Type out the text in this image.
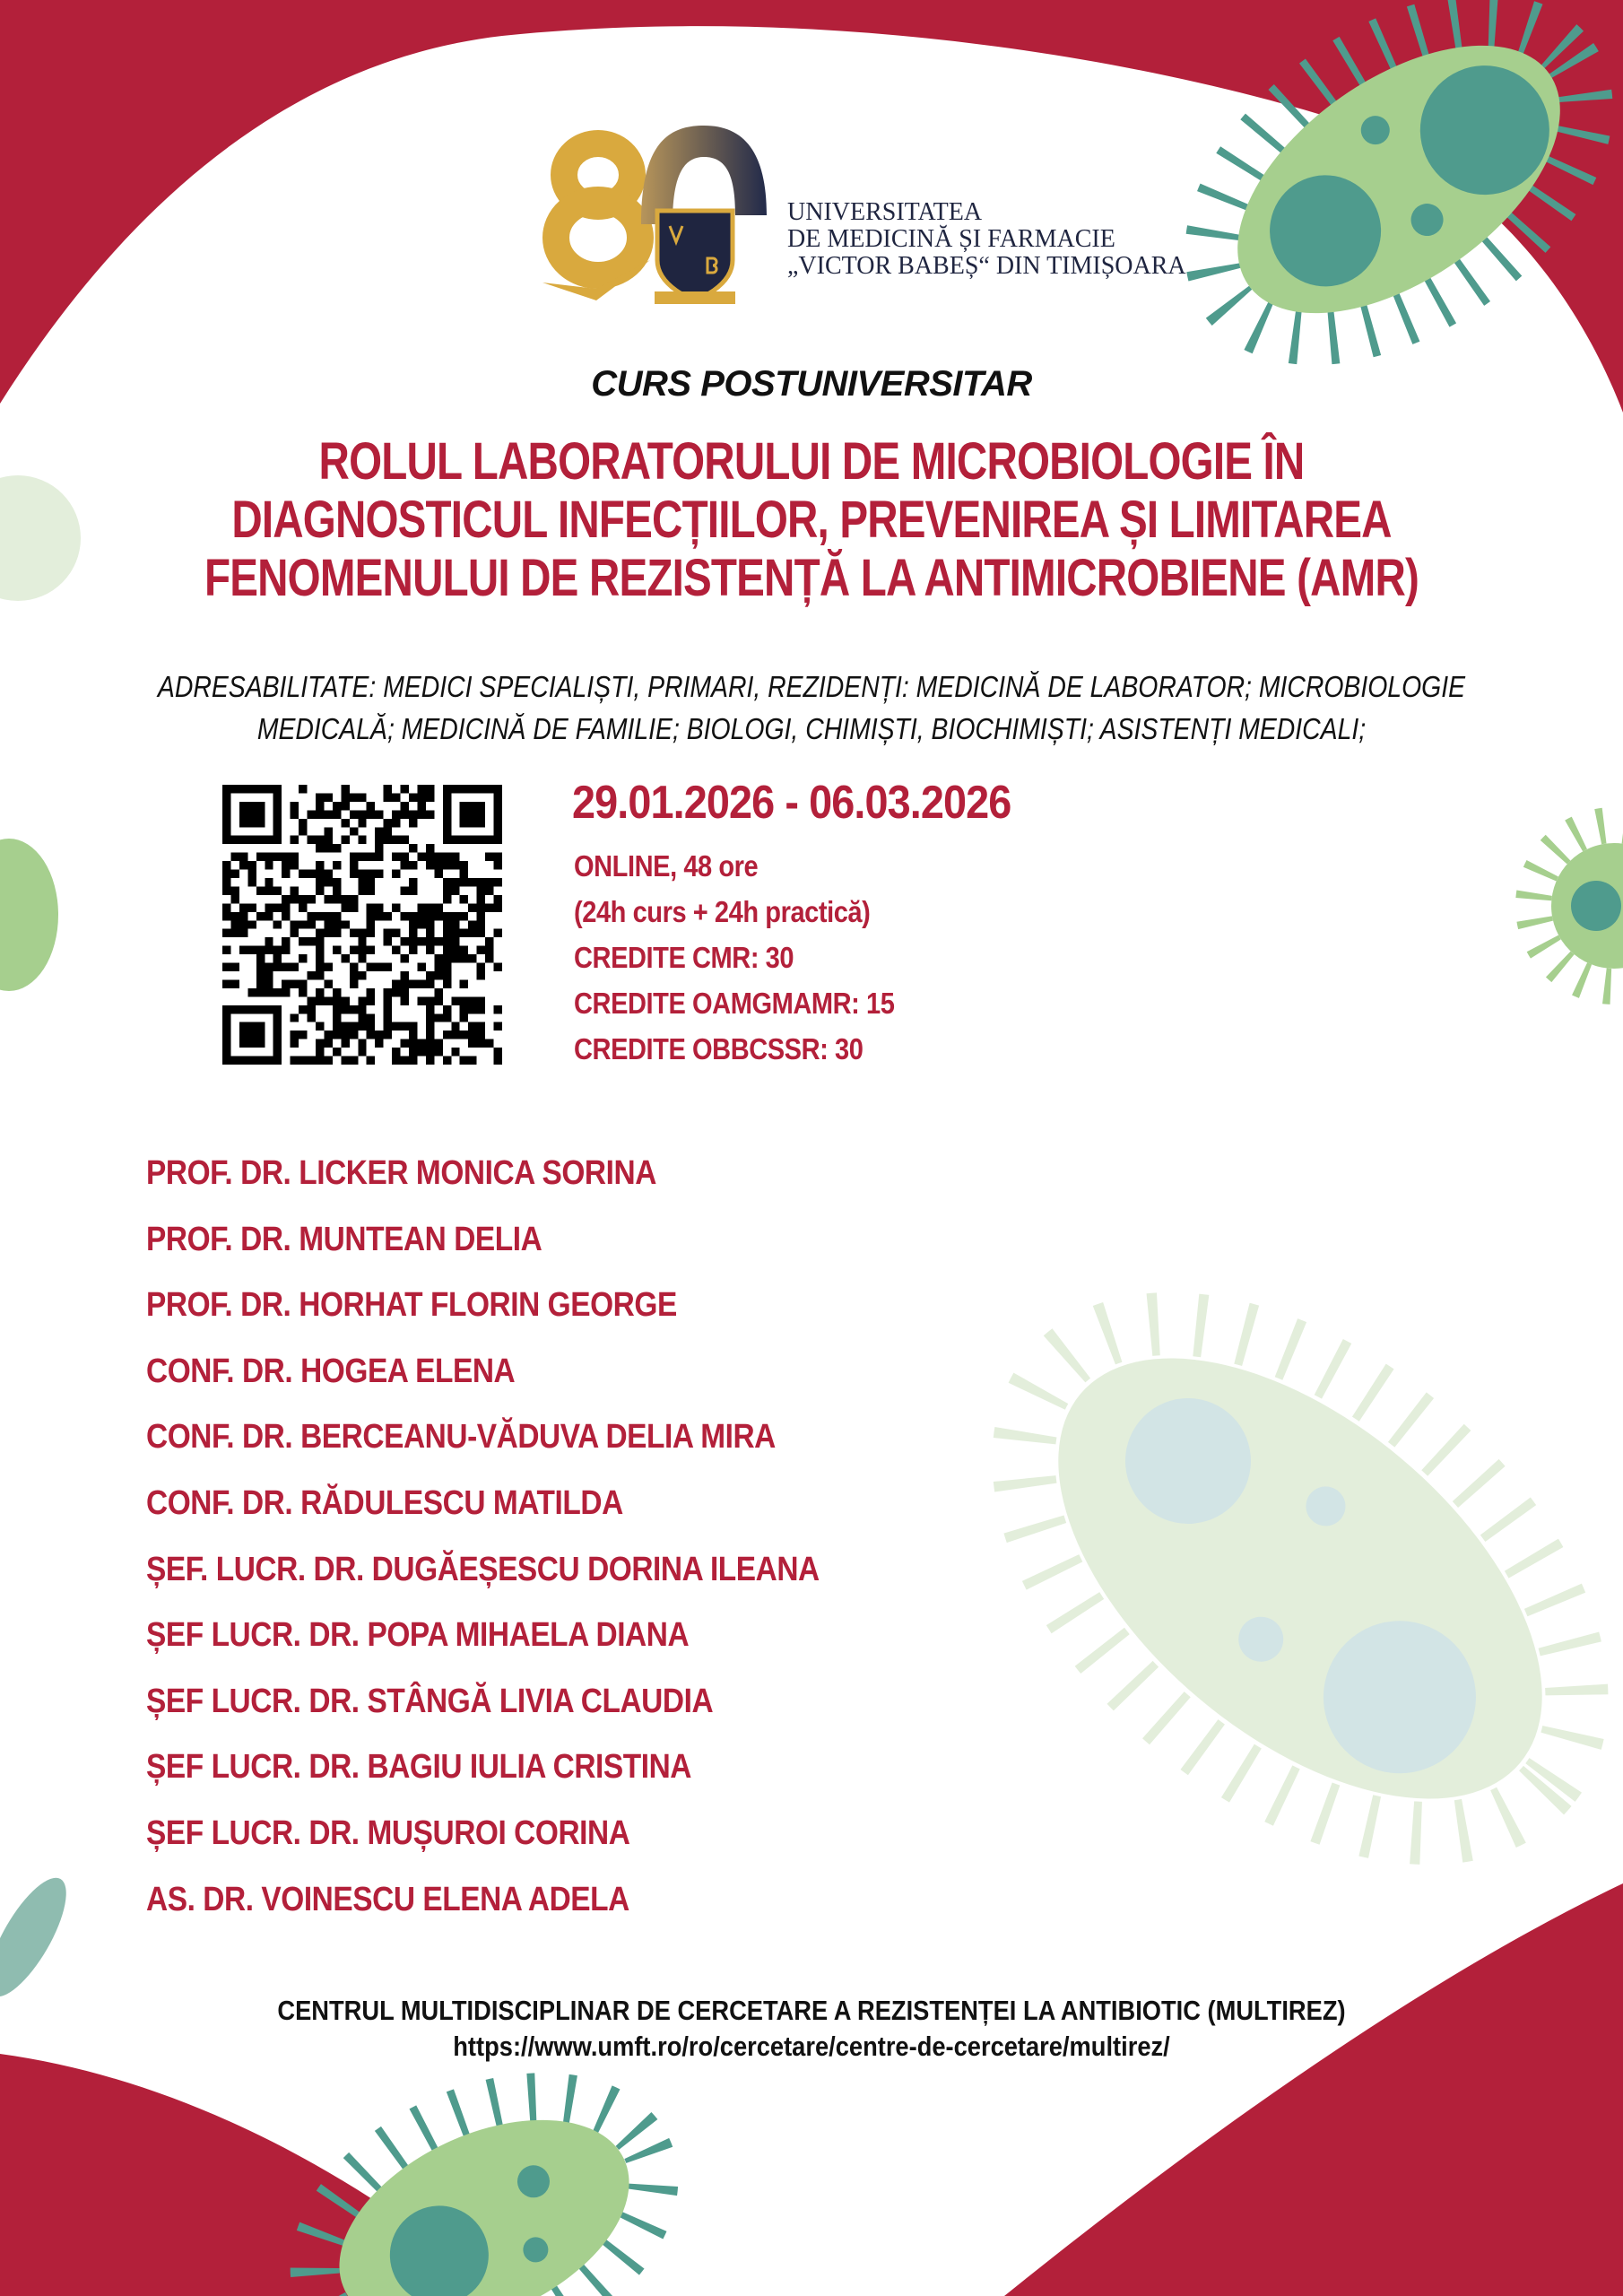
UNIVERSITATEA
DE MEDICINĂ ȘI FARMACIE
„VICTOR BABEȘ“ DIN TIMIȘOARA
CURS POSTUNIVERSITAR
ROLUL LABORATORULUI DE MICROBIOLOGIE ÎN
DIAGNOSTICUL INFECȚIILOR, PREVENIREA ȘI LIMITAREA
FENOMENULUI DE REZISTENȚĂ LA ANTIMICROBIENE (AMR)
ADRESABILITATE: MEDICI SPECIALIȘTI, PRIMARI, REZIDENȚI: MEDICINĂ DE LABORATOR; MICROBIOLOGIE
MEDICALĂ; MEDICINĂ DE FAMILIE; BIOLOGI, CHIMIȘTI, BIOCHIMIȘTI; ASISTENȚI MEDICALI;
29.01.2026 - 06.03.2026
ONLINE, 48 ore
(24h curs + 24h practică)
CREDITE CMR: 30
CREDITE OAMGMAMR: 15
CREDITE OBBCSSR: 30
PROF. DR. LICKER MONICA SORINA
PROF. DR. MUNTEAN DELIA
PROF. DR. HORHAT FLORIN GEORGE
CONF. DR. HOGEA ELENA
CONF. DR. BERCEANU-VĂDUVA DELIA MIRA
CONF. DR. RĂDULESCU MATILDA
ȘEF. LUCR. DR. DUGĂEȘESCU DORINA ILEANA
ȘEF LUCR. DR. POPA MIHAELA DIANA
ȘEF LUCR. DR. STÂNGĂ LIVIA CLAUDIA
ȘEF LUCR. DR. BAGIU IULIA CRISTINA
ȘEF LUCR. DR. MUȘUROI CORINA
AS. DR. VOINESCU ELENA ADELA
CENTRUL MULTIDISCIPLINAR DE CERCETARE A REZISTENȚEI LA ANTIBIOTIC (MULTIREZ)
https://www.umft.ro/ro/cercetare/centre-de-cercetare/multirez/
